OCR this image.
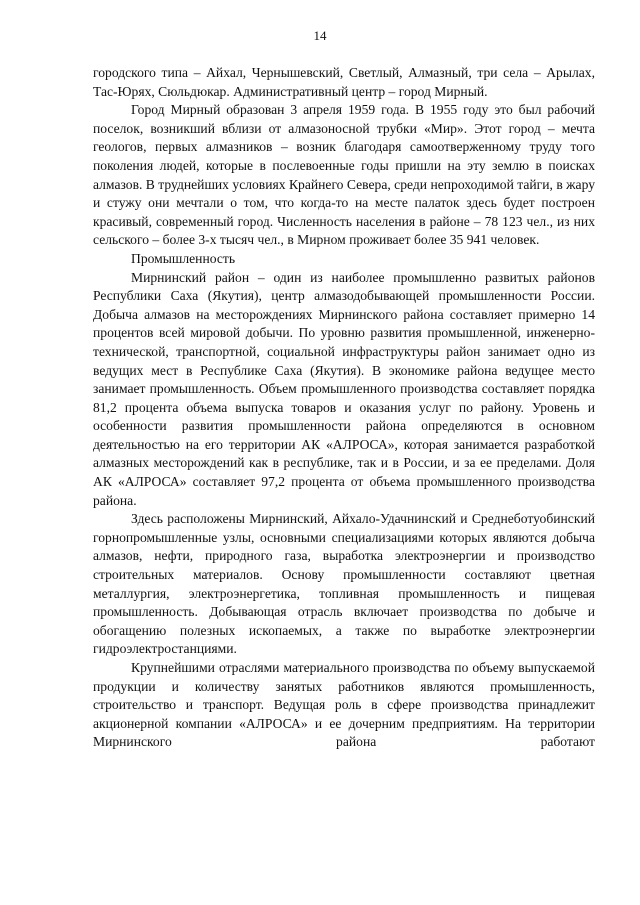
14

городского типа – Айхал, Чернышевский, Светлый, Алмазный, три села – Арылах, Тас-Юрях, Сюльдюкар. Административный центр – город Мирный.

Город Мирный образован 3 апреля 1959 года. В 1955 году это был рабочий поселок, возникший вблизи от алмазоносной трубки «Мир». Этот город – мечта геологов, первых алмазников – возник благодаря самоотверженному труду того поколения людей, которые в послевоенные годы пришли на эту землю в поисках алмазов. В труднейших условиях Крайнего Севера, среди непроходимой тайги, в жару и стужу они мечтали о том, что когда-то на месте палаток здесь будет построен красивый, современный город. Численность населения в районе – 78 123 чел., из них сельского – более 3-х тысяч чел., в Мирном проживает более 35 941 человек.

Промышленность

Мирнинский район – один из наиболее промышленно развитых районов Республики Саха (Якутия), центр алмазодобывающей промышленности России. Добыча алмазов на месторождениях Мирнинского района составляет примерно 14 процентов всей мировой добычи. По уровню развития промышленной, инженерно-технической, транспортной, социальной инфраструктуры район занимает одно из ведущих мест в Республике Саха (Якутия). В экономике района ведущее место занимает промышленность. Объем промышленного производства составляет порядка 81,2 процента объема выпуска товаров и оказания услуг по району. Уровень и особенности развития промышленности района определяются в основном деятельностью на его территории АК «АЛРОСА», которая занимается разработкой алмазных месторождений как в республике, так и в России, и за ее пределами. Доля АК «АЛРОСА» составляет 97,2 процента от объема промышленного производства района.

Здесь расположены Мирнинский, Айхало-Удачнинский и Среднеботуобинский горнопромышленные узлы, основными специализациями которых являются добыча алмазов, нефти, природного газа, выработка электроэнергии и производство строительных материалов. Основу промышленности составляют цветная металлургия, электроэнергетика, топливная промышленность и пищевая промышленность. Добывающая отрасль включает производства по добыче и обогащению полезных ископаемых, а также по выработке электроэнергии гидроэлектростанциями.

Крупнейшими отраслями материального производства по объему выпускаемой продукции и количеству занятых работников являются промышленность, строительство и транспорт. Ведущая роль в сфере производства принадлежит акционерной компании «АЛРОСА» и ее дочерним предприятиям. На территории Мирнинского района работают
